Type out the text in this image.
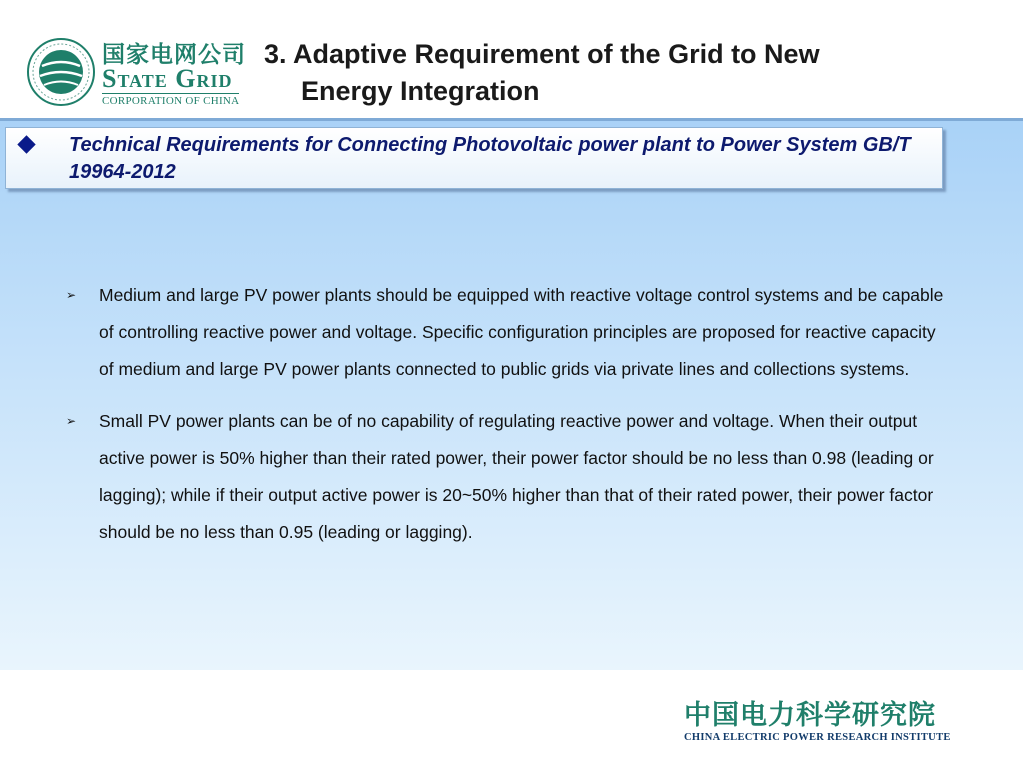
国家电网公司
State Grid
CORPORATION OF CHINA
3. Adaptive Requirement of the Grid to New
Energy Integration
Technical Requirements for Connecting Photovoltaic power plant to Power System GB/T 19964-2012
➢ Medium and large PV power plants should be equipped with reactive voltage control systems and be capable of controlling reactive power and voltage. Specific configuration principles are proposed for reactive capacity of medium and large PV power plants connected to public grids via private lines and collections systems.
➢ Small PV power plants can be of no capability of regulating reactive power and voltage. When their output active power is 50% higher than their rated power, their power factor should be no less than 0.98 (leading or lagging); while if their output active power is 20~50% higher than that of their rated power, their power factor should be no less than 0.95 (leading or lagging).
中国电力科学研究院
CHINA ELECTRIC POWER RESEARCH INSTITUTE
